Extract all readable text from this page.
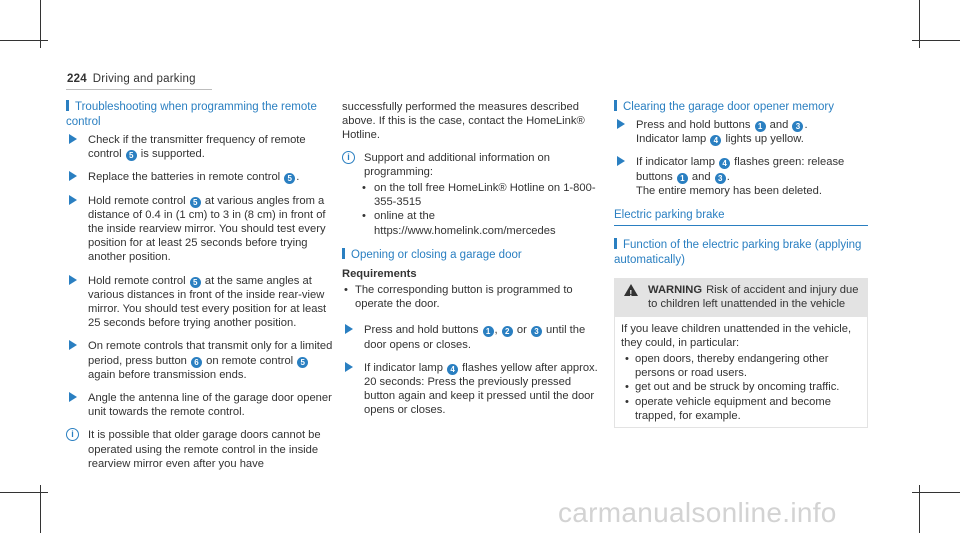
224 Driving and parking
Troubleshooting when programming the remote control
Check if the transmitter frequency of remote control 5 is supported.
Replace the batteries in remote control 5 .
Hold remote control 5 at various angles from a distance of 0.4 in (1 cm) to 3 in (8 cm) in front of the inside rearview mirror. You should test every position for at least 25 seconds before trying another position.
Hold remote control 5 at the same angles at various distances in front of the inside rear-view mirror. You should test every position for at least 25 seconds before trying another position.
On remote controls that transmit only for a limited period, press button 6 on remote control 5 again before transmission ends.
Angle the antenna line of the garage door opener unit towards the remote control.
i	It is possible that older garage doors cannot be operated using the remote control in the inside rearview mirror even after you have
successfully performed the measures described above. If this is the case, contact the HomeLink® Hotline.
i	Support and additional information on programming:
• on the toll free HomeLink® Hotline on 1-800-355-3515
• online at the https://www.homelink.com/mercedes
Opening or closing a garage door
Requirements
• The corresponding button is programmed to operate the door.
Press and hold buttons 1 , 2 or 3 until the door opens or closes.
If indicator lamp 4 flashes yellow after approx. 20 seconds: Press the previously pressed button again and keep it pressed until the door opens or closes.
Clearing the garage door opener memory
Press and hold buttons 1 and 3 .
Indicator lamp 4 lights up yellow.
If indicator lamp 4 flashes green: release buttons 1 and 3 .
The entire memory has been deleted.
Electric parking brake
Function of the electric parking brake (applying automatically)
! WARNING Risk of accident and injury due to children left unattended in the vehicle
If you leave children unattended in the vehicle, they could, in particular:
• open doors, thereby endangering other persons or road users.
• get out and be struck by oncoming traffic.
• operate vehicle equipment and become trapped, for example.
carmanualsonline.info
